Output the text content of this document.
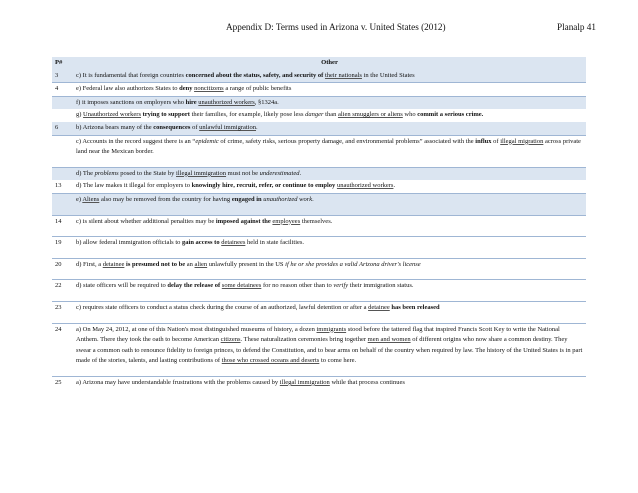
Appendix D: Terms used in Arizona v. United States (2012)	Planalp 41
P#	Other
3	c) It is fundamental that foreign countries concerned about the status, safety, and security of their nationals in the United States
4	e) Federal law also authorizes States to deny noncitizens a range of public benefits
	f) it imposes sanctions on employers who hire unauthorized workers, §1324a.
	g) Unauthorized workers trying to support their families, for example, likely pose less danger than alien smugglers or aliens who commit a serious crime.
6	b) Arizona bears many of the consequences of unlawful immigration.
	c) Accounts in the record suggest there is an “epidemic of crime, safety risks, serious property damage, and environmental problems” associated with the influx of illegal migration across private land near the Mexican border.

	d) The problems posed to the State by illegal immigration must not be underestimated.
13	d) The law makes it illegal for employers to knowingly hire, recruit, refer, or continue to employ unauthorized workers.
	e) Aliens also may be removed from the country for having engaged in unauthorized work.

14	c) is silent about whether additional penalties may be imposed against the employees themselves.

19	b) allow federal immigration officials to gain access to detainees held in state facilities.

20	d) First, a detainee is presumed not to be an alien unlawfully present in the US if he or she provides a valid Arizona driver's license

22	d) state officers will be required to delay the release of some detainees for no reason other than to verify their immigration status.

23	c) requires state officers to conduct a status check during the course of an authorized, lawful detention or after a detainee has been released

24	a) On May 24, 2012, at one of this Nation's most distinguished museums of history, a dozen immigrants stood before the tattered flag that inspired Francis Scott Key to write the National Anthem. There they took the oath to become American citizens. These naturalization ceremonies bring together men and women of different origins who now share a common destiny. They swear a common oath to renounce fidelity to foreign princes, to defend the Constitution, and to bear arms on behalf of the country when required by law. The history of the United States is in part made of the stories, talents, and lasting contributions of those who crossed oceans and deserts to come here.

25	a) Arizona may have understandable frustrations with the problems caused by illegal immigration while that process continues
